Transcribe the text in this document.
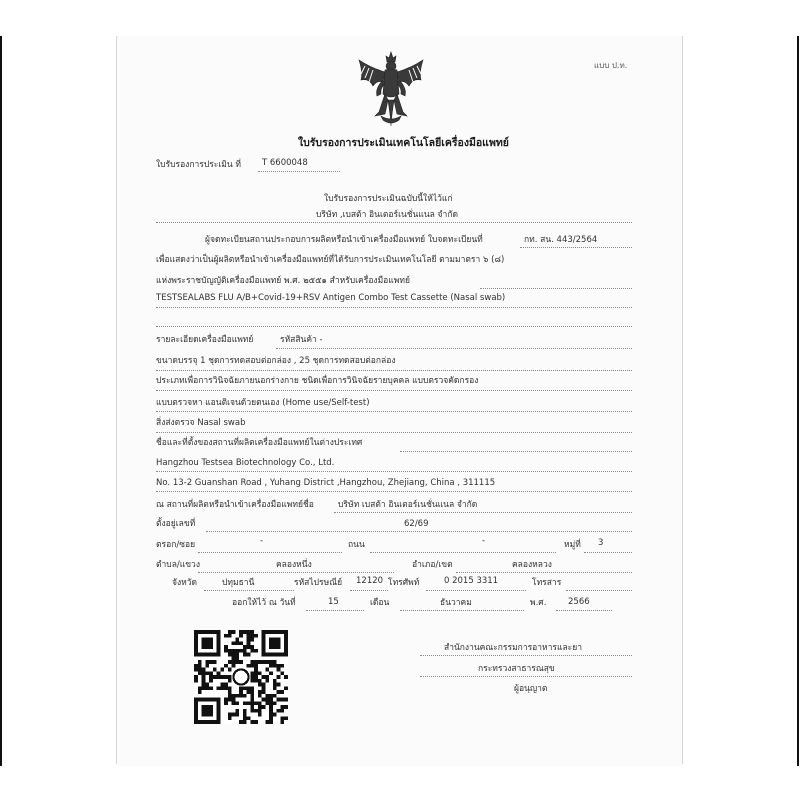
แบบ ป.ท.
ใบรับรองการประเมินเทคโนโลยีเครื่องมือแพทย์
ใบรับรองการประเมิน ที่ T 6600048
ใบรับรองการประเมินฉบับนี้ให้ไว้แก่
บริษัท ,เบสต้า อินเตอร์เนชั่นแนล จำกัด
ผู้จดทะเบียนสถานประกอบการผลิตหรือนำเข้าเครื่องมือแพทย์ ใบจดทะเบียนที่	กท. สน. 443/2564
เพื่อแสดงว่าเป็นผู้ผลิตหรือนำเข้าเครื่องมือแพทย์ที่ได้รับการประเมินเทคโนโลยี ตามมาตรา ๖ (๘)
แห่งพระราชบัญญัติเครื่องมือแพทย์ พ.ศ. ๒๕๕๑ สำหรับเครื่องมือแพทย์
TESTSEALABS FLU A/B+Covid-19+RSV Antigen Combo Test Cassette (Nasal swab)
รายละเอียดเครื่องมือแพทย์	รหัสสินค้า -
ขนาดบรรจุ 1 ชุดการทดสอบต่อกล่อง , 25 ชุดการทดสอบต่อกล่อง
ประเภทเพื่อการวินิจฉัยภายนอกร่างกาย ชนิดเพื่อการวินิจฉัยรายบุคคล แบบตรวจคัดกรอง
แบบตรวจหา แอนติเจนด้วยตนเอง (Home use/Self-test)
สิ่งส่งตรวจ Nasal swab
ชื่อและที่ตั้งของสถานที่ผลิตเครื่องมือแพทย์ในต่างประเทศ
Hangzhou Testsea Biotechnology Co., Ltd.
No. 13-2 Guanshan Road , Yuhang District ,Hangzhou, Zhejiang, China , 311115
ณ สถานที่ผลิตหรือนำเข้าเครื่องมือแพทย์ชื่อ	บริษัท เบสต้า อินเตอร์เนชั่นแนล จำกัด
ตั้งอยู่เลขที่	62/69
ตรอก/ซอย	-	ถนน	-	หมู่ที่ 3
ตำบล/แขวง	คลองหนึ่ง	อำเภอ/เขต	คลองหลวง
จังหวัด	ปทุมธานี	รหัสไปรษณีย์ 12120 โทรศัพท์	0 2015 3311	โทรสาร
ออกให้ไว้ ณ วันที่	15	เดือน	ธันวาคม	พ.ศ.	2566
สำนักงานคณะกรรมการอาหารและยา
กระทรวงสาธารณสุข
ผู้อนุญาต
